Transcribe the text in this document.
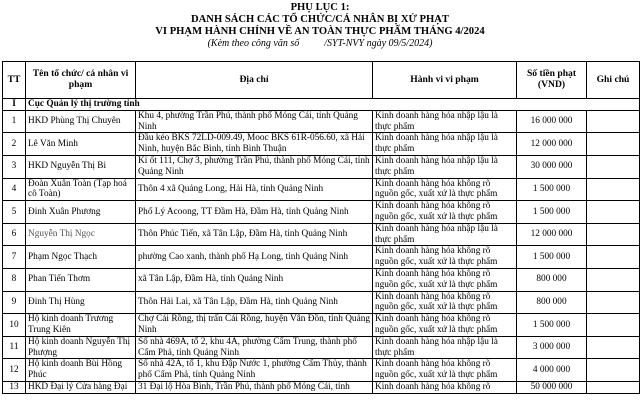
PHỤ LỤC 1:
DANH SÁCH CÁC TỔ CHỨC/CÁ NHÂN BỊ XỬ PHẠT
VI PHẠM HÀNH CHÍNH VỀ AN TOÀN THỰC PHẨM THÁNG 4/2024
(Kèm theo công văn số          /SYT-NVY ngày 09/5/2024)
TT	Tên tổ chức/ cá nhân vi phạm	Địa chỉ	Hành vi vi phạm	Số tiền phạt (VND)	Ghi chú
I	Cục Quản lý thị trường tỉnh				
1	HKD Phùng Thị Chuyên	Khu 4, phường Trần Phú, thành phố Móng Cái, tỉnh Quảng Ninh	Kinh doanh hàng hóa nhập lậu là thực phẩm	16 000 000	
2	Lê Văn Minh	Đầu kéo BKS 72LD-009.49, Mooc BKS 61R-056.60, xã Hải Ninh, huyện Bắc Bình, tỉnh Bình Thuận	Kinh doanh hàng hóa nhập lậu là thực phẩm	12 000 000	
3	HKD Nguyễn Thị Bi	Ki ốt 111, Chợ 3, phường Trần Phú, thành phố Móng Cái, tỉnh Quảng Ninh	Kinh doanh hàng hóa nhập lậu là thực phẩm	30 000 000	
4	Đoàn Xuân Toàn (Tạp hoá cô Toàn)	Thôn 4 xã Quảng Long, Hải Hà, tỉnh Quảng Ninh	Kinh doanh hàng hóa không rõ nguồn gốc, xuất xứ là thực phẩm	1 500 000	
5	Đinh Xuân Phương	Phố Lý Acoong, TT Đầm Hà, Đầm Hà, tỉnh Quảng Ninh	Kinh doanh hàng hóa không rõ nguồn gốc, xuất xứ là thực phẩm	1 500 000	
6	Nguyễn Thị Ngọc	Thôn Phúc Tiến, xã Tân Lập, Đầm Hà, tỉnh Quảng Ninh	Kinh doanh hàng hóa nhập lậu là thực phẩm	12 000 000	
7	Phạm Ngọc Thạch	phường Cao xanh, thành phố Hạ Long, tỉnh Quảng Ninh	Kinh doanh hàng hóa không rõ nguồn gốc, xuất xứ là thực phẩm	1 500 000	
8	Phan Tiến Thơm	xã Tân Lập, Đầm Hà, tỉnh Quảng Ninh	Kinh doanh hàng hóa không rõ nguồn gốc, xuất xứ là thực phẩm	800 000	
9	Đinh Thị Hùng	Thôn Hải Lai, xã Tân Lập, Đầm Hà, tỉnh Quảng Ninh	Kinh doanh hàng hóa không rõ nguồn gốc, xuất xứ là thực phẩm	800 000	
10	Hộ kinh doanh Trương Trung Kiên	Chợ Cái Rồng, thị trấn Cái Rồng, huyện Vân Đồn, tỉnh Quảng Ninh	Kinh doanh hàng hóa không rõ nguồn gốc, xuất xứ là thực phẩm	1 500 000	
11	Hộ kinh doanh Nguyễn Thị Phượng	Số nhà 469A, tổ 2, khu 4A, phường Cẩm Trung, thành phố Cẩm Phả, tỉnh Quảng Ninh	Kinh doanh hàng hóa nhập lậu là thực phẩm	3 000 000	
12	Hộ kinh doanh Bùi Hồng Phúc	Số nhà 42A, tổ 1, khu Đập Nước 1, phường Cẩm Thủy, thành phố Cẩm Phả, tỉnh Quảng Ninh	Kinh doanh hàng hóa không rõ nguồn gốc, xuất xứ là thực phẩm	4 000 000	
13	HKD Đại lý Cửa hàng Đại	31 Đại lộ Hòa Bình, Trần Phú, thành phố Móng Cái, tỉnh	Kinh doanh hàng hóa không rõ	50 000 000	
